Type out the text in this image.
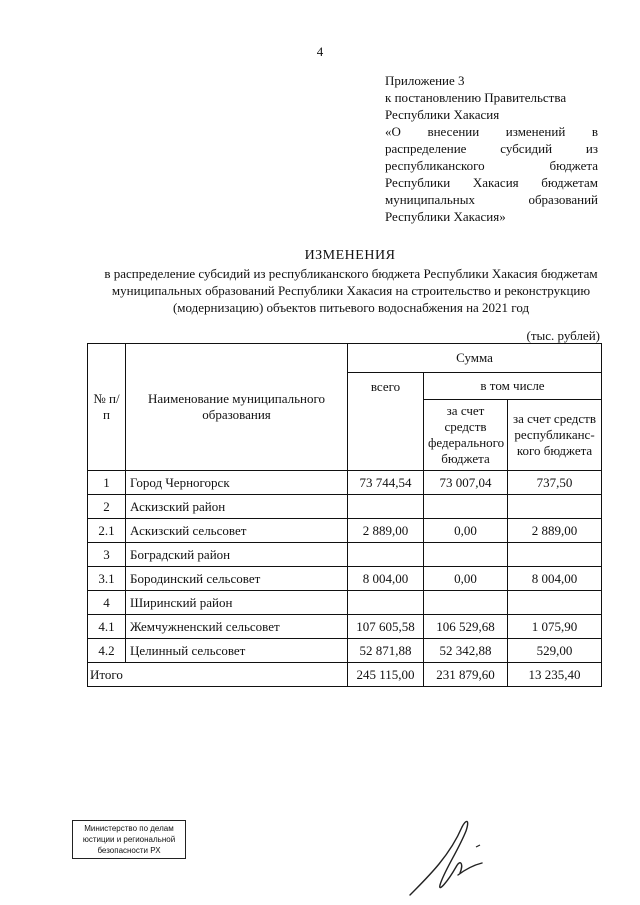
4
Приложение 3
к постановлению Правительства
Республики Хакасия
«О внесении изменений в
распределение субсидий из
республиканского бюджета
Республики Хакасия бюджетам
муниципальных образований
Республики Хакасия»
ИЗМЕНЕНИЯ
в распределение субсидий из республиканского бюджета Республики Хакасия бюджетам муниципальных образований Республики Хакасия на строительство и реконструкцию (модернизацию) объектов питьевого водоснабжения на 2021 год
(тыс. рублей)
№ п/п	Наименование муниципального образования	Сумма		
		всего	в том числе	
			за счет средств федерального бюджета	за счет средств республиканс- кого бюджета
1	Город Черногорск	73 744,54	73 007,04	737,50
2	Аскизский район			
2.1	Аскизский сельсовет	2 889,00	0,00	2 889,00
3	Боградский район			
3.1	Бородинский сельсовет	8 004,00	0,00	8 004,00
4	Ширинский район			
4.1	Жемчужненский сельсовет	107 605,58	106 529,68	1 075,90
4.2	Целинный сельсовет	52 871,88	52 342,88	529,00
Итого		245 115,00	231 879,60	13 235,40
Министерство по делам
юстиции и региональной
безопасности РХ
